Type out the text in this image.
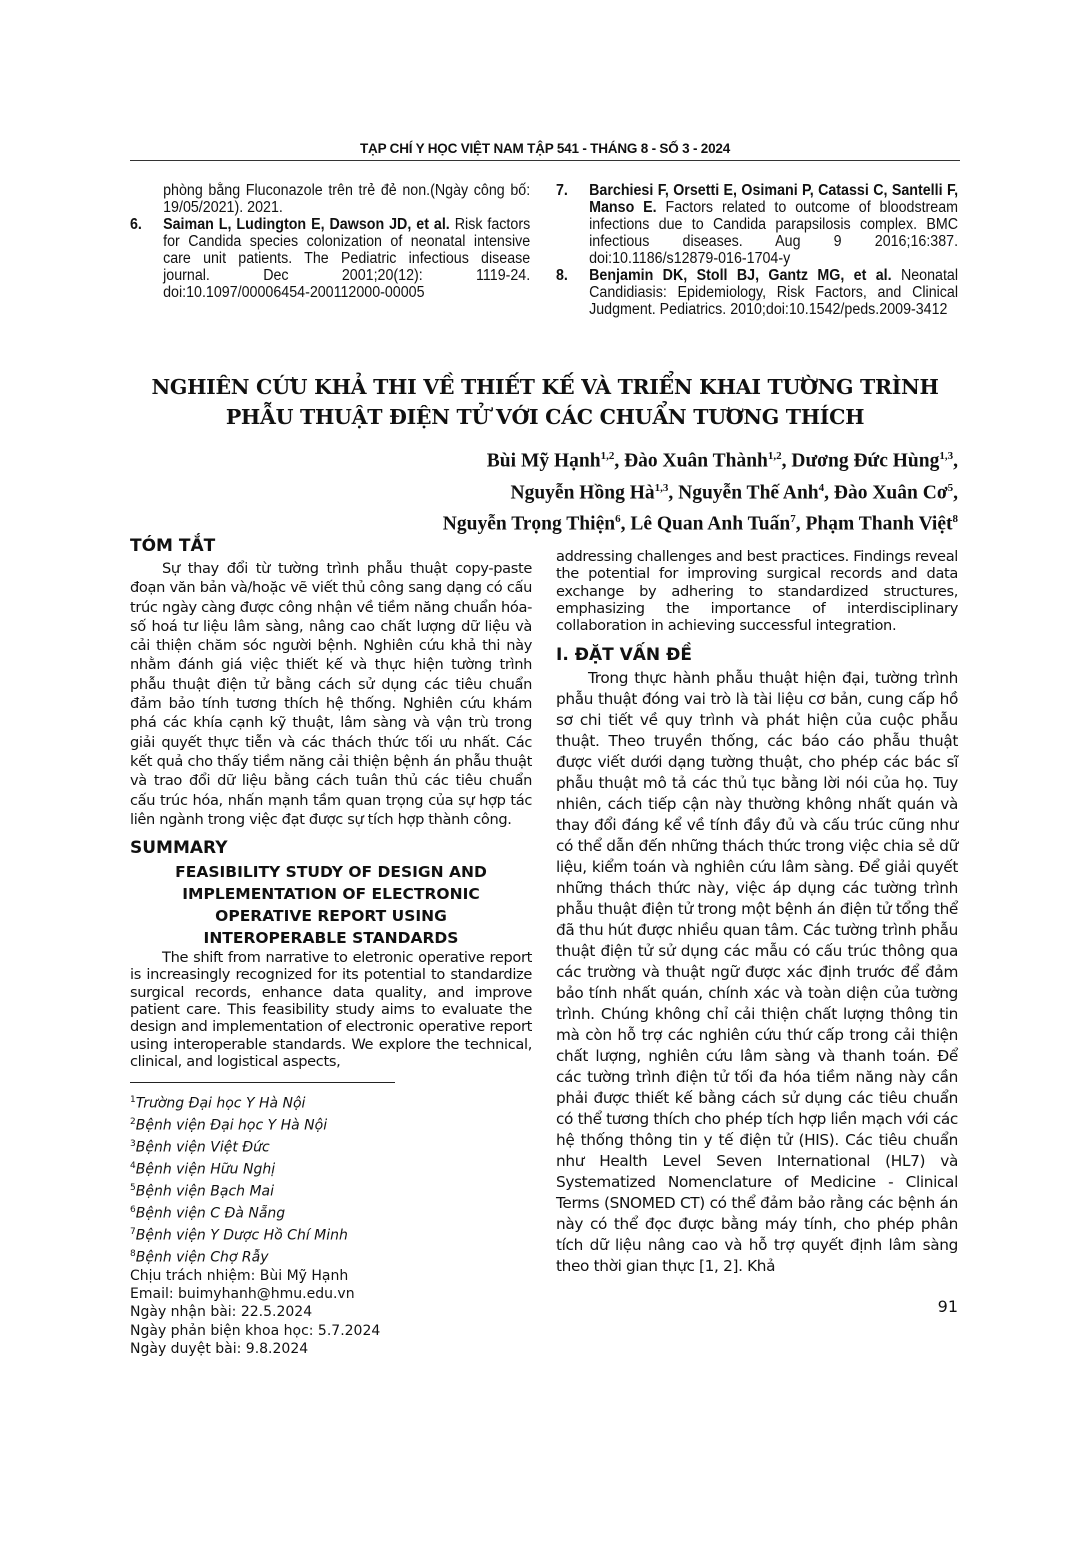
TẠP CHÍ Y HỌC VIỆT NAM TẬP 541 - THÁNG 8 - SỐ 3 - 2024
phòng bằng Fluconazole trên trẻ đẻ non.(Ngày công bố: 19/05/2021). 2021.
6. Saiman L, Ludington E, Dawson JD, et al. Risk factors for Candida species colonization of neonatal intensive care unit patients. The Pediatric infectious disease journal. Dec 2001;20(12): 1119-24. doi:10.1097/00006454-200112000-00005
7. Barchiesi F, Orsetti E, Osimani P, Catassi C, Santelli F, Manso E. Factors related to outcome of bloodstream infections due to Candida parapsilosis complex. BMC infectious diseases. Aug 9 2016;16:387. doi:10.1186/s12879-016-1704-y
8. Benjamin DK, Stoll BJ, Gantz MG, et al. Neonatal Candidiasis: Epidemiology, Risk Factors, and Clinical Judgment. Pediatrics. 2010;doi:10.1542/peds.2009-3412
NGHIÊN CỨU KHẢ THI VỀ THIẾT KẾ VÀ TRIỂN KHAI TƯỜNG TRÌNH
PHẪU THUẬT ĐIỆN TỬ VỚI CÁC CHUẨN TƯƠNG THÍCH
Bùi Mỹ Hạnh$^{1,2}$, Đào Xuân Thành$^{1,2}$, Dương Đức Hùng$^{1,3}$,
Nguyễn Hồng Hà$^{1,3}$, Nguyễn Thế Anh$^4$, Đào Xuân $Cơ^5$,
Nguyễn Trọng Thiện$^6$, Lê Quan Anh Tuấn$^7$, Phạm Thanh Việt$^8$
TÓM TẮT
Sự thay đổi từ tường trình phẫu thuật copy-paste đoạn văn bản và/hoặc vẽ viết thủ công sang dạng có cấu trúc ngày càng được công nhận về tiềm năng chuẩn hóa-số hoá tư liệu lâm sàng, nâng cao chất lượng dữ liệu và cải thiện chăm sóc người bệnh. Nghiên cứu khả thi này nhằm đánh giá việc thiết kế và thực hiện tường trình phẫu thuật điện tử bằng cách sử dụng các tiêu chuẩn đảm bảo tính tương thích hệ thống. Nghiên cứu khám phá các khía cạnh kỹ thuật, lâm sàng và vận trù trong giải quyết thực tiễn và các thách thức tối ưu nhất. Các kết quả cho thấy tiềm năng cải thiện bệnh án phẫu thuật và trao đổi dữ liệu bằng cách tuân thủ các tiêu chuẩn cấu trúc hóa, nhấn mạnh tầm quan trọng của sự hợp tác liên ngành trong việc đạt được sự tích hợp thành công.
SUMMARY
FEASIBILITY STUDY OF DESIGN AND IMPLEMENTATION OF ELECTRONIC OPERATIVE REPORT USING INTEROPERABLE STANDARDS
The shift from narrative to eletronic operative report is increasingly recognized for its potential to standardize surgical records, enhance data quality, and improve patient care. This feasibility study aims to evaluate the design and implementation of electronic operative report using interoperable standards. We explore the technical, clinical, and logistical aspects,
$^1$Trường Đại học Y Hà Nội
$^2$Bệnh viện Đại học Y Hà Nội
$^3$Bệnh viện Việt Đức
$^4$Bệnh viện Hữu Nghị
$^5$Bệnh viện Bạch Mai
$^6$Bệnh viện C Đà Nẵng
$^7$Bệnh viện Y Dược Hồ Chí Minh
$^8$Bệnh viện Chợ Rẫy
Chịu trách nhiệm: Bùi Mỹ Hạnh
Email: buimyhanh@hmu.edu.vn
Ngày nhận bài: 22.5.2024
Ngày phản biện khoa học: 5.7.2024
Ngày duyệt bài: 9.8.2024
addressing challenges and best practices. Findings reveal the potential for improving surgical records and data exchange by adhering to standardized structures, emphasizing the importance of interdisciplinary collaboration in achieving successful integration.
I. ĐẶT VẤN ĐỀ
Trong thực hành phẫu thuật hiện đại, tường trình phẫu thuật đóng vai trò là tài liệu cơ bản, cung cấp hồ sơ chi tiết về quy trình và phát hiện của cuộc phẫu thuật. Theo truyền thống, các báo cáo phẫu thuật được viết dưới dạng tường thuật, cho phép các bác sĩ phẫu thuật mô tả các thủ tục bằng lời nói của họ. Tuy nhiên, cách tiếp cận này thường không nhất quán và thay đổi đáng kể về tính đầy đủ và cấu trúc cũng như có thể dẫn đến những thách thức trong việc chia sẻ dữ liệu, kiểm toán và nghiên cứu lâm sàng. Để giải quyết những thách thức này, việc áp dụng các tường trình phẫu thuật điện tử trong một bệnh án điện tử tổng thể đã thu hút được nhiều quan tâm. Các tường trình phẫu thuật điện tử sử dụng các mẫu có cấu trúc thông qua các trường và thuật ngữ được xác định trước để đảm bảo tính nhất quán, chính xác và toàn diện của tường trình. Chúng không chỉ cải thiện chất lượng thông tin mà còn hỗ trợ các nghiên cứu thứ cấp trong cải thiện chất lượng, nghiên cứu lâm sàng và thanh toán. Để các tường trình điện tử tối đa hóa tiềm năng này cần phải được thiết kế bằng cách sử dụng các tiêu chuẩn có thể tương thích cho phép tích hợp liền mạch với các hệ thống thông tin y tế điện tử (HIS). Các tiêu chuẩn như Health Level Seven International (HL7) và Systematized Nomenclature of Medicine - Clinical Terms (SNOMED CT) có thể đảm bảo rằng các bệnh án này có thể đọc được bằng máy tính, cho phép phân tích dữ liệu nâng cao và hỗ trợ quyết định lâm sàng theo thời gian thực [1, 2]. Khả
91
